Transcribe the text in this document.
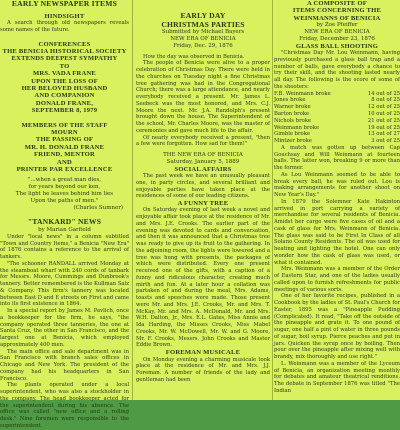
EARLY NEWSPAPER ITEMS

HINDSIGHT

A search through old newspapers reveals some names of the future.

CONFERENCES

THE BENICIA HISTORICAL SOCIETY

EXTENDS DEEPEST SYMPATHY

TO

MRS. VADA FRANE

UPON THE LOSS OF

HER BELOVED HUSBAND

AND COMPANION

DONALD FRANE,

SEPTEMBER 8, 1979

MEMBERS OF THE STAFF

MOURN

THE PASSING OF

MR. H. DONALD FRANE

FRIEND, MENTOR

AND

PRINTER PAR EXCELLENCE

"...when a great man dies,

for years beyond our ken,

The light he leaves behind him lies

Upon the paths of men."

(Charles Sumner)

"TANKARD" NEWS

by Marian Garfield

Under "local news" in a column subtitled "Town and Country Items," a Benicia "New Era" of 1876 contains a reference to the arrival of tankers.

"The schooner RANDALL arrived Monday at the steamboat wharf with 240 cords of tanbark for Messrs. Moore, Cummings and Dunbrook's tannery. Better remembered is the Kullman Salz & Company. This firm's tannery was located between East D and E streets on First and came into its first existence in 1864.

In a special report by James M. Pavlich, once a bookkeeper for the firm, he says, "the company operated three tanneries, the one at Santa Cruz, the other in San Francisco, and the largest one at Benicia, which employed approximately 400 men.

The main office and sale department was in San Francisco with branch sales offices in Chicago and New York. The president of the company had his headquarters in San Francisco.

The plants operated under a local superintendent, who was also a stockholder in the company. The head bookkeeper acted for the superintendent during his absence. The office was called "new office and a rolling desk." Nine foremen were responsible to the superintendent.

EARLY DAY

CHRISTMAS PARTIES

Submitted by Michael Bayers

NEW ERA OF BENICIA

Friday, Dec. 29, 1876

How the day was observed in Benicia.

The people of Benicia were alive to a proper celebration of Christmas Day. There were held in the churches on Tuesday night a fine Christmas tree gathering was had in the Congregational Church; there was a large attendance, and nearly everybody received a present. Mr. James L. Seebeck was the most honored, and Mrs. C.J. Moore the next. Mr. J.A. Randolph's present brought down the house. The Superintendent of the school, Mr. Charles Moore, was the master of ceremonies and gave much life to the affair.

Of nearly everybody received a present, "then a few were forgotten. How sad for them!"

THE NEW ERA OF BENICIA

Saturday, January 5, 1889

SOCIAL AFFAIRS

The past week we have an unusually pleasant one, in party circles, and several brilliant and enjoyable parties have taken place at the residences of some of our leading citizens.

A FUNNY TREE

On Saturday evening of last week a novel and enjoyable affair took place at the residence of Mr. and Mrs. J.E. Crooks. The earlier part of the evening was devoted to cards and conversation, and then it was announced that a Christmas tree was ready to give up its fruit to the gathering. In the adjoining room, the lights were lowered and a tree was hung with presents, the packages of which were distributed. Every one present received one of the gifts, with a caption of a funny and ridiculous character, creating much mirth and fun. At a later hour a collation was partaken of and during the meal, Mrs. Adams, toasts and speeches were made. Those present were Mr. and Mrs. J.E. Crooks, Mr. and Mrs. T. McKay, Mr. and Mrs. A. McDonald, Mr. and Mrs. W.H. Dalton, Jr., Mrs. E.L. Gates, Miss Annie and Ida Harding, the Misses Crooks, Miss Mabel Crooks, Mr. W. McDowell, Mr. W. and G. Moore, Mr. F. Crooks, Messrs. John Crooks and Master Eddie Brown.

FOREMAN MUSICALE

On Monday evening a charming musicale took place at the residence of Mr. and Mrs. J.J. Foreman. A number of friends of the lady and gentleman had been

A COMPOSITE OF

ITEMS CONCERNING THE

WEINMANNS OF BENICIA

by Zoe Pfeiffer

NEW ERA OF BENICIA

Friday, December 23, 1876

GLASS BALL SHOOTING

"Christmas Day Mr. Lou Weinmann, having previously purchased a glass ball trap and a number of balls, gave everybody a chance to try their skill, and the shooting lasted nearly all day. The following is the score of some of the shooters:

F.B. Weinmann broke	14 out of 25
Jones broke	8 out of 25
Warner broke	12 out of 25
Barton broke	10 out of 25
Nichols broke	21 out of 25
Weinmann broke	19 out of 25
Gimble broke	13 out of 27
Mintzer broke	3 out of 25

A match was gotten up between Cap Gouchsay and Will Weinmann at fourteen balls. The latter won, breaking 9 or more than the former.

As Lou Weinmann seemed to be able to break every ball, he was ruled out. Lou is making arrangements for another shoot on New Year's Day."

In 1879 the Solemner Kate Hakinton arrived in port carrying a variety of merchandise for several residents of Benicia. Amidst her cargo were five cases of oil and a cask of glass for Mrs. Weinmann of Benicia. The glass was said to be First In Class of all Solano County Residents. The oil was used for heating and lighting the hotel. One can only wonder how the cask of glass was used, or what it contained.

Mrs. Weinmann was a member of the Order of Eastern Star, and one of the ladies usually called upon to furnish refreshments for public meetings of various sorts.

One of her favorite recipes, published in a Cookbook by the ladies of St. Paul's Church for Easter, 1895 was a "Pineapple Pudding (Complicated). It read, "Take off the outside of the pineapple and grate it. To one pound of sugar, one half a pint of water in three pounds of sugar, boil syrup. Pierce peaches and put in jars. Quicken the syrup once by boiling. Then pour over the pineapple after mixing well with brandy, mix thoroughly and use right."

L. Weinmann was a member of the Lyceum of Benicia, an organization meeting monthly for debates and amateur theatrical renditions. The debate in September 1876 was titled "The Indian
